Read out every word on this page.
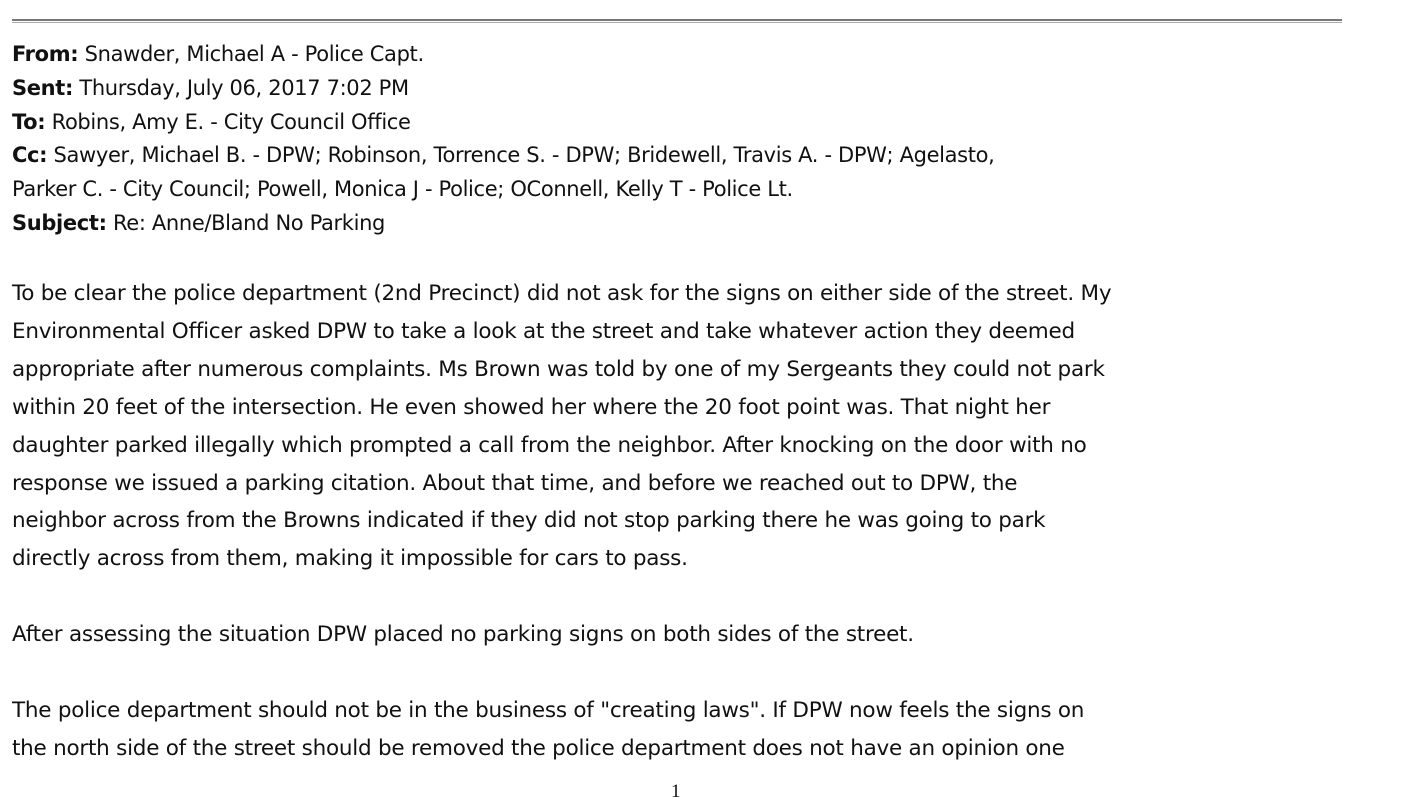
From: Snawder, Michael A - Police Capt.
Sent: Thursday, July 06, 2017 7:02 PM
To: Robins, Amy E. - City Council Office
Cc: Sawyer, Michael B. - DPW; Robinson, Torrence S. - DPW; Bridewell, Travis A. - DPW; Agelasto,
Parker C. - City Council; Powell, Monica J - Police; OConnell, Kelly T - Police Lt.
Subject: Re: Anne/Bland No Parking
To be clear the police department (2nd Precinct) did not ask for the signs on either side of the street. My
Environmental Officer asked DPW to take a look at the street and take whatever action they deemed
appropriate after numerous complaints. Ms Brown was told by one of my Sergeants they could not park
within 20 feet of the intersection. He even showed her where the 20 foot point was. That night her
daughter parked illegally which prompted a call from the neighbor. After knocking on the door with no
response we issued a parking citation. About that time, and before we reached out to DPW, the
neighbor across from the Browns indicated if they did not stop parking there he was going to park
directly across from them, making it impossible for cars to pass.
After assessing the situation DPW placed no parking signs on both sides of the street.
The police department should not be in the business of "creating laws". If DPW now feels the signs on
the north side of the street should be removed the police department does not have an opinion one
1
